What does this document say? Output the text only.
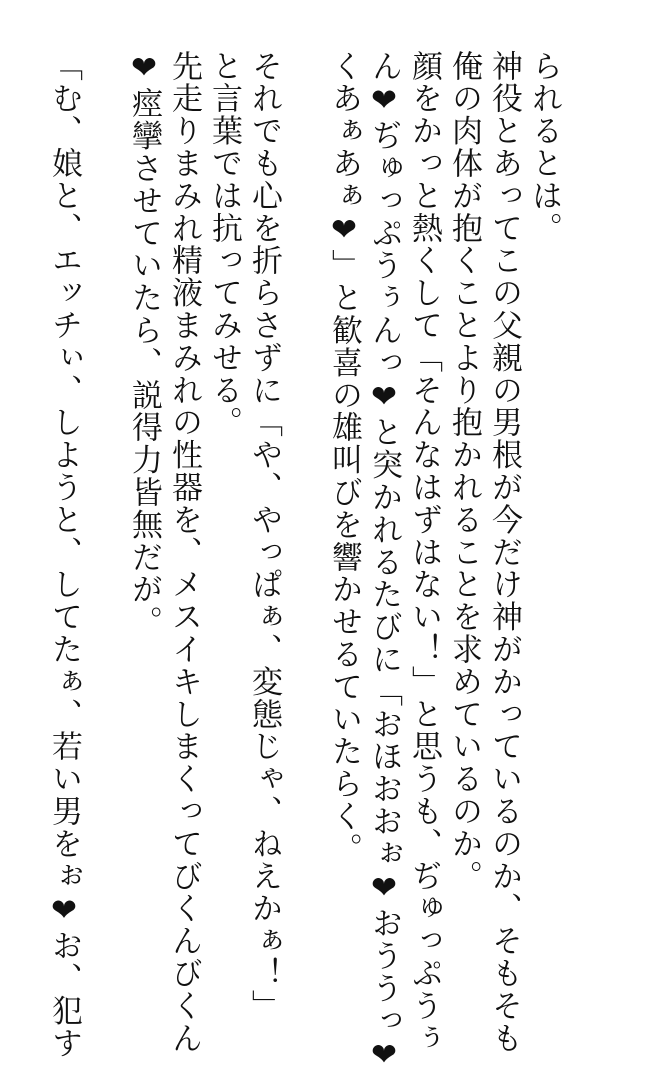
られるとは。
神役とあってこの父親の男根が今だけ神がかっているのか、そもそも
俺の肉体が抱くことより抱かれることを求めているのか。
顔をかっと熱くして「そんなはずはない！」と思うも、ぢゅっぷうぅ
ん❤ぢゅっぷうぅんっ❤と突かれるたびに「おほおおぉ❤おううっ❤
くあぁあぁ❤」と歓喜の雄叫びを響かせるていたらく。
それでも心を折らさずに「や、やっぱぁ、変態じゃ、ねえかぁ！」
と言葉では抗ってみせる。
先走りまみれ精液まみれの性器を、メスイキしまくってびくんびくん
❤痙攣させていたら、説得力皆無だが。
「む、娘と、エッチぃ、しようと、してたぁ、若い男をぉ❤お、犯す
